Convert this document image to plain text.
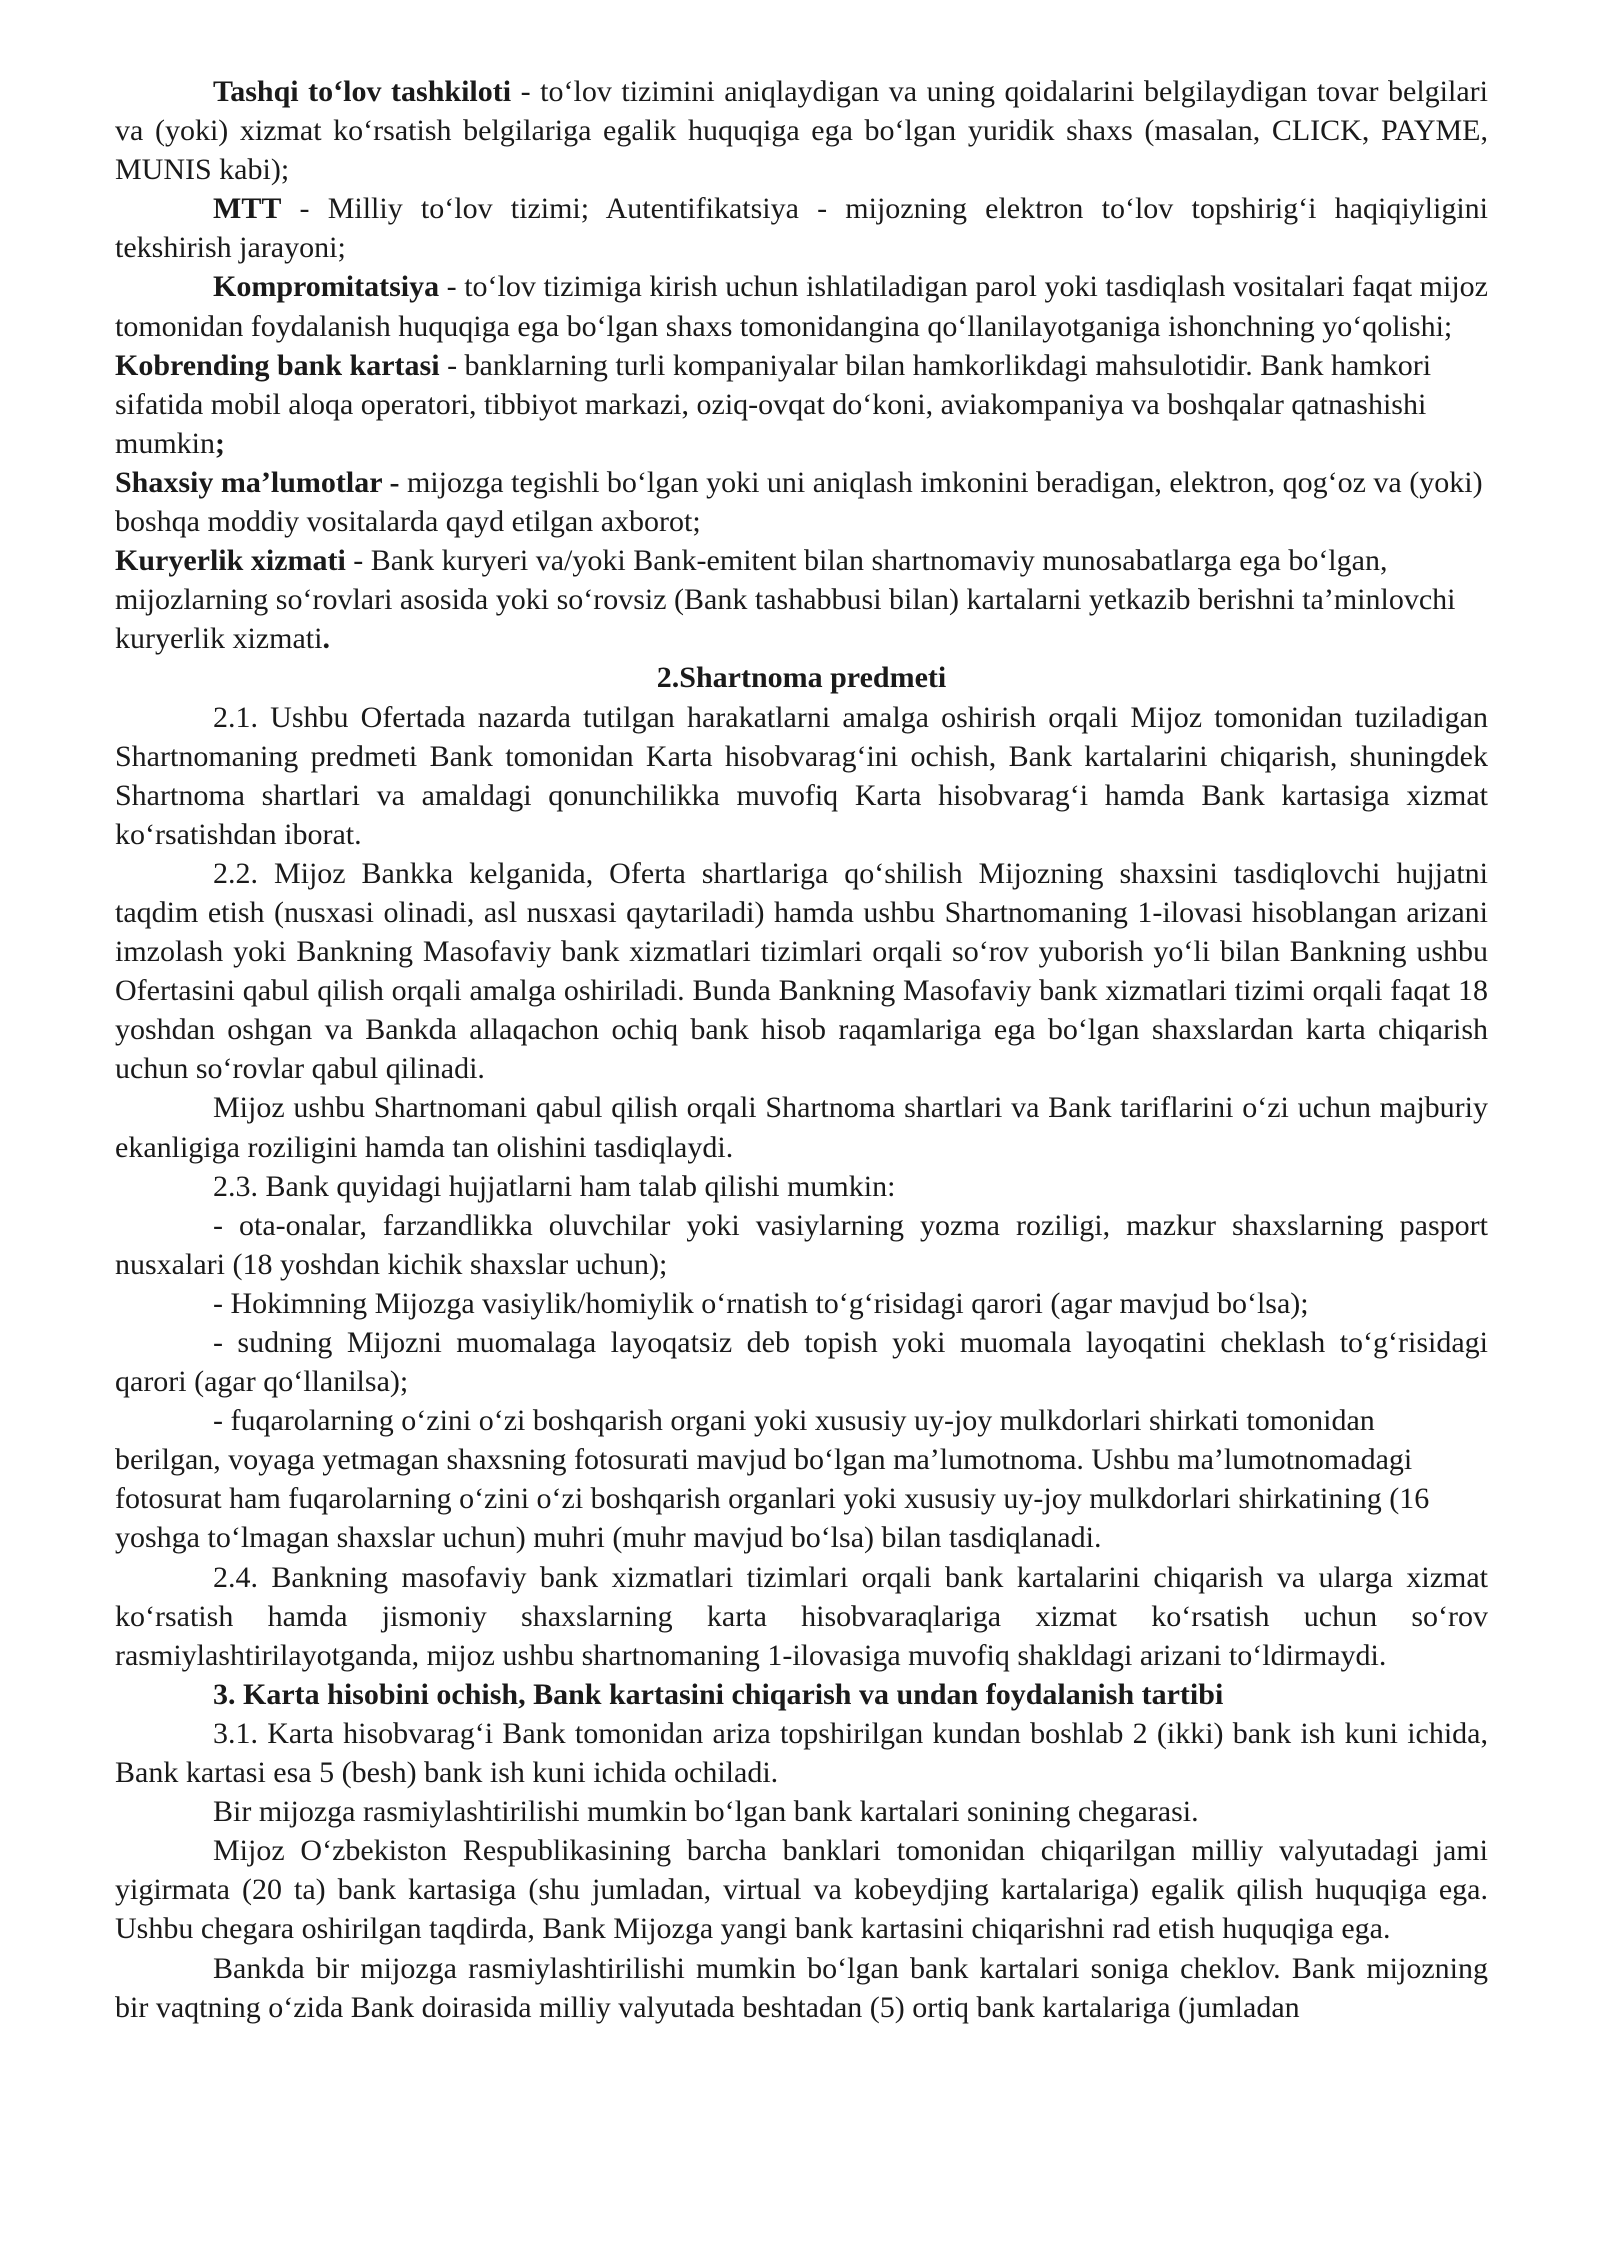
Tashqi to‘lov tashkiloti - to‘lov tizimini aniqlaydigan va uning qoidalarini belgilaydigan tovar belgilari va (yoki) xizmat ko‘rsatish belgilariga egalik huquqiga ega bo‘lgan yuridik shaxs (masalan, CLICK, PAYME, MUNIS kabi);

MTT - Milliy to‘lov tizimi; Autentifikatsiya - mijozning elektron to‘lov topshirig‘i haqiqiyligini tekshirish jarayoni;

Kompromitatsiya - to‘lov tizimiga kirish uchun ishlatiladigan parol yoki tasdiqlash vositalari faqat mijoz tomonidan foydalanish huquqiga ega bo‘lgan shaxs tomonidangina qo‘llanilayotganiga ishonchning yo‘qolishi;

Kobrending bank kartasi - banklarning turli kompaniyalar bilan hamkorlikdagi mahsulotidir. Bank hamkori sifatida mobil aloqa operatori, tibbiyot markazi, oziq-ovqat do‘koni, aviakompaniya va boshqalar qatnashishi mumkin;

Shaxsiy ma’lumotlar - mijozga tegishli bo‘lgan yoki uni aniqlash imkonini beradigan, elektron, qog‘oz va (yoki) boshqa moddiy vositalarda qayd etilgan axborot;

Kuryerlik xizmati - Bank kuryeri va/yoki Bank-emitent bilan shartnomaviy munosabatlarga ega bo‘lgan, mijozlarning so‘rovlari asosida yoki so‘rovsiz (Bank tashabbusi bilan) kartalarni yetkazib berishni ta’minlovchi kuryerlik xizmati.

2.Shartnoma predmeti

2.1. Ushbu Ofertada nazarda tutilgan harakatlarni amalga oshirish orqali Mijoz tomonidan tuziladigan Shartnomaning predmeti Bank tomonidan Karta hisobvarag‘ini ochish, Bank kartalarini chiqarish, shuningdek Shartnoma shartlari va amaldagi qonunchilikka muvofiq Karta hisobvarag‘i hamda Bank kartasiga xizmat ko‘rsatishdan iborat.

2.2. Mijoz Bankka kelganida, Oferta shartlariga qo‘shilish Mijozning shaxsini tasdiqlovchi hujjatni taqdim etish (nusxasi olinadi, asl nusxasi qaytariladi) hamda ushbu Shartnomaning 1-ilovasi hisoblangan arizani imzolash yoki Bankning Masofaviy bank xizmatlari tizimlari orqali so‘rov yuborish yo‘li bilan Bankning ushbu Ofertasini qabul qilish orqali amalga oshiriladi. Bunda Bankning Masofaviy bank xizmatlari tizimi orqali faqat 18 yoshdan oshgan va Bankda allaqachon ochiq bank hisob raqamlariga ega bo‘lgan shaxslardan karta chiqarish uchun so‘rovlar qabul qilinadi.

Mijoz ushbu Shartnomani qabul qilish orqali Shartnoma shartlari va Bank tariflarini o‘zi uchun majburiy ekanligiga roziligini hamda tan olishini tasdiqlaydi.

2.3. Bank quyidagi hujjatlarni ham talab qilishi mumkin:

- ota-onalar, farzandlikka oluvchilar yoki vasiylarning yozma roziligi, mazkur shaxslarning pasport nusxalari (18 yoshdan kichik shaxslar uchun);

- Hokimning Mijozga vasiylik/homiylik o‘rnatish to‘g‘risidagi qarori (agar mavjud bo‘lsa);

- sudning Mijozni muomalaga layoqatsiz deb topish yoki muomala layoqatini cheklash to‘g‘risidagi qarori (agar qo‘llanilsa);

- fuqarolarning o‘zini o‘zi boshqarish organi yoki xususiy uy-joy mulkdorlari shirkati tomonidan berilgan, voyaga yetmagan shaxsning fotosurati mavjud bo‘lgan ma’lumotnoma. Ushbu ma’lumotnomadagi fotosurat ham fuqarolarning o‘zini o‘zi boshqarish organlari yoki xususiy uy-joy mulkdorlari shirkatining (16 yoshga to‘lmagan shaxslar uchun) muhri (muhr mavjud bo‘lsa) bilan tasdiqlanadi.

2.4. Bankning masofaviy bank xizmatlari tizimlari orqali bank kartalarini chiqarish va ularga xizmat ko‘rsatish hamda jismoniy shaxslarning karta hisobvaraqlariga xizmat ko‘rsatish uchun so‘rov rasmiylashtirilayotganda, mijoz ushbu shartnomaning 1-ilovasiga muvofiq shakldagi arizani to‘ldirmaydi.

3. Karta hisobini ochish, Bank kartasini chiqarish va undan foydalanish tartibi

3.1. Karta hisobvarag‘i Bank tomonidan ariza topshirilgan kundan boshlab 2 (ikki) bank ish kuni ichida, Bank kartasi esa 5 (besh) bank ish kuni ichida ochiladi.

Bir mijozga rasmiylashtirilishi mumkin bo‘lgan bank kartalari sonining chegarasi.

Mijoz O‘zbekiston Respublikasining barcha banklari tomonidan chiqarilgan milliy valyutadagi jami yigirmata (20 ta) bank kartasiga (shu jumladan, virtual va kobeydjing kartalariga) egalik qilish huquqiga ega. Ushbu chegara oshirilgan taqdirda, Bank Mijozga yangi bank kartasini chiqarishni rad etish huquqiga ega.

Bankda bir mijozga rasmiylashtirilishi mumkin bo‘lgan bank kartalari soniga cheklov. Bank mijozning bir vaqtning o‘zida Bank doirasida milliy valyutada beshtadan (5) ortiq bank kartalariga (jumladan
